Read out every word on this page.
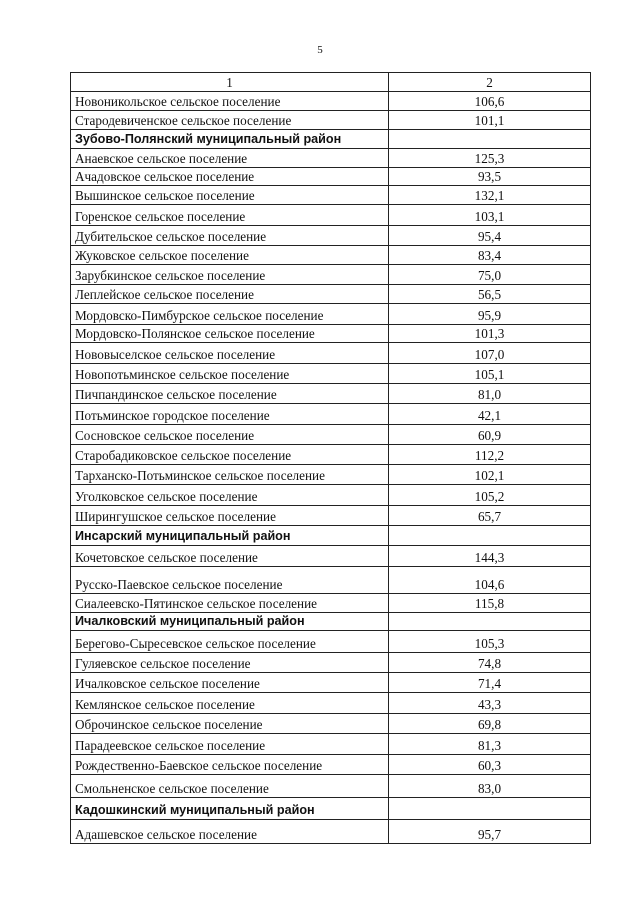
5
1	2
Новоникольское сельское поселение	106,6
Стародевиченское сельское поселение	101,1
Зубово-Полянский муниципальный район	
Анаевское сельское поселение	125,3
Ачадовское сельское поселение	93,5
Вышинское сельское поселение	132,1
Горенское сельское поселение	103,1
Дубительское сельское поселение	95,4
Жуковское сельское поселение	83,4
Зарубкинское сельское поселение	75,0
Леплейское сельское поселение	56,5
Мордовско-Пимбурское сельское поселение	95,9
Мордовско-Полянское сельское поселение	101,3
Нововыселское сельское поселение	107,0
Новопотьминское сельское поселение	105,1
Пичпандинское сельское поселение	81,0
Потьминское городское поселение	42,1
Сосновское сельское поселение	60,9
Старобадиковское сельское поселение	112,2
Тарханско-Потьминское сельское поселение	102,1
Уголковское сельское поселение	105,2
Ширингушское сельское поселение	65,7
Инсарский муниципальный район	
Кочетовское сельское поселение	144,3
Русско-Паевское сельское поселение	104,6
Сиалеевско-Пятинское сельское поселение	115,8
Ичалковский муниципальный район	
Берегово-Сыресевское сельское поселение	105,3
Гуляевское сельское поселение	74,8
Ичалковское сельское поселение	71,4
Кемлянское сельское поселение	43,3
Оброчинское сельское поселение	69,8
Парадеевское сельское поселение	81,3
Рождественно-Баевское сельское поселение	60,3
Смольненское сельское поселение	83,0
Кадошкинский муниципальный район	
Адашевское сельское поселение	95,7
